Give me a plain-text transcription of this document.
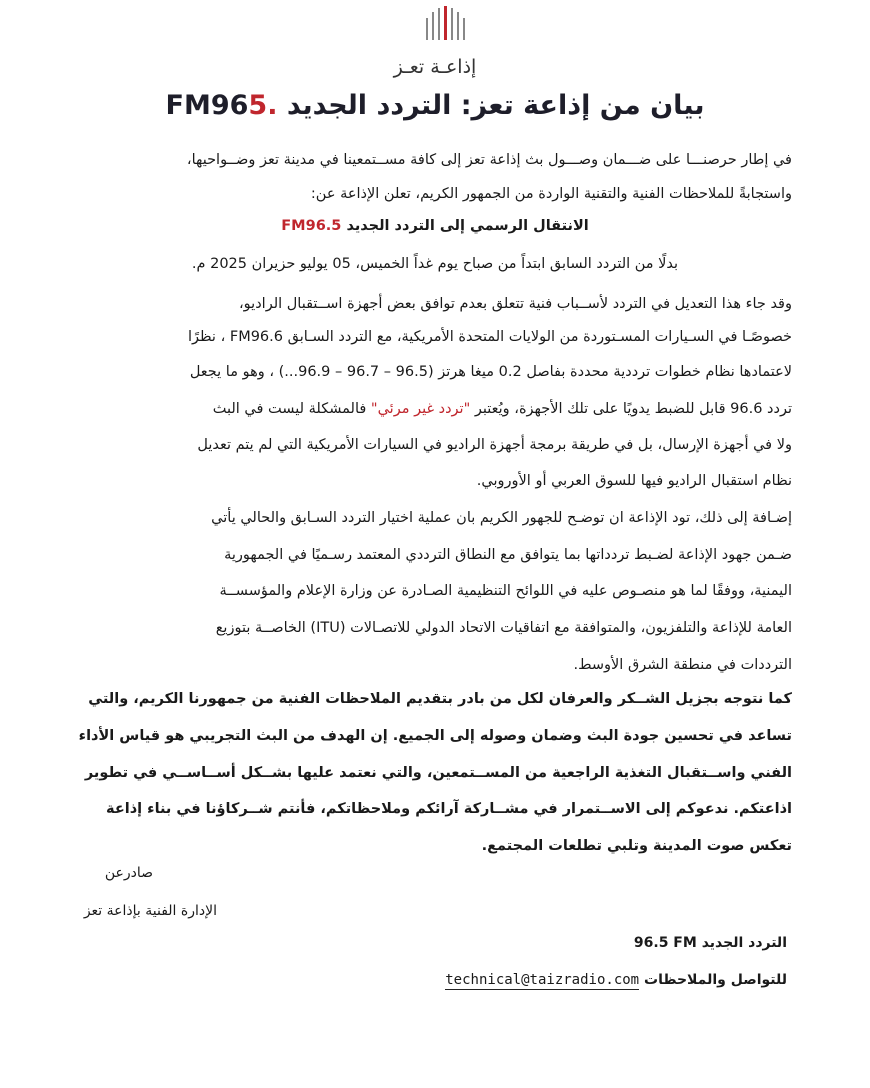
إذاعـة تعـز
بيان من إذاعة تعز: التردد الجديد FM965.
في إطار حرصنـــا على ضـــمان وصـــول بث إذاعة تعز إلى كافة مســتمعينا في مدينة تعز وضــواحيها،
واستجابةً للملاحظات الفنية والتقنية الواردة من الجمهور الكريم، تعلن الإذاعة عن:
الانتقال الرسمي إلى التردد الجديد FM96.5
بدلًا من التردد السابق ابتداً من صباح يوم غداً الخميس، 05 يوليو حزيران 2025 م.
وقد جاء هذا التعديل في التردد لأســباب فنية تتعلق بعدم توافق بعض أجهزة اســتقبال الراديو،
خصوصًـا في السـيارات المسـتوردة من الولايات المتحدة الأمريكية، مع التردد السـابق FM96.6 ، نظرًا
لاعتمادها نظام خطوات ترددية محددة بفاصل 0.2 ميغا هرتز (96.5 – 96.7 – 96.9...) ، وهو ما يجعل
تردد 96.6 قابل للضبط يدويًا على تلك الأجهزة، ويُعتبر "تردد غير مرئي" فالمشكلة ليست في البث
ولا في أجهزة الإرسال، بل في طريقة برمجة أجهزة الراديو في السيارات الأمريكية التي لم يتم تعديل
نظام استقبال الراديو فيها للسوق العربي أو الأوروبي.
إضـافة إلى ذلك، تود الإذاعة ان توضـح للجهور الكريم بان عملية اختيار التردد السـابق والحالي يأتي
ضـمن جهود الإذاعة لضـبط تردداتها بما يتوافق مع النطاق الترددي المعتمد رسـميًا في الجمهورية
اليمنية، ووفقًا لما هو منصـوص عليه في اللوائح التنظيمية الصـادرة عن وزارة الإعلام والمؤسســة
العامة للإذاعة والتلفزيون، والمتوافقة مع اتفاقيات الاتحاد الدولي للاتصـالات (ITU) الخاصــة بتوزيع
الترددات في منطقة الشرق الأوسط.
كما نتوجه بجزيل الشــكر والعرفان لكل من بادر بتقديم الملاحظات الفنية من جمهورنا الكريم، والتي
تساعد في تحسين جودة البث وضمان وصوله إلى الجميع. إن الهدف من البث التجريبي هو قياس الأداء
الفني واســتقبال التغذية الراجعية من المســتمعين، والتي نعتمد عليها بشــكل أســاســي في تطوير
اذاعتكم. ندعوكم إلى الاســتمرار في مشــاركة آرائكم وملاحظاتكم، فأنتم شــركاؤنا في بناء إذاعة
تعكس صوت المدينة وتلبي تطلعات المجتمع.
صادرعن
الإدارة الفنية بإذاعة تعز
التردد الجديد 96.5 FM
للتواصل والملاحظات technical@taizradio.com
